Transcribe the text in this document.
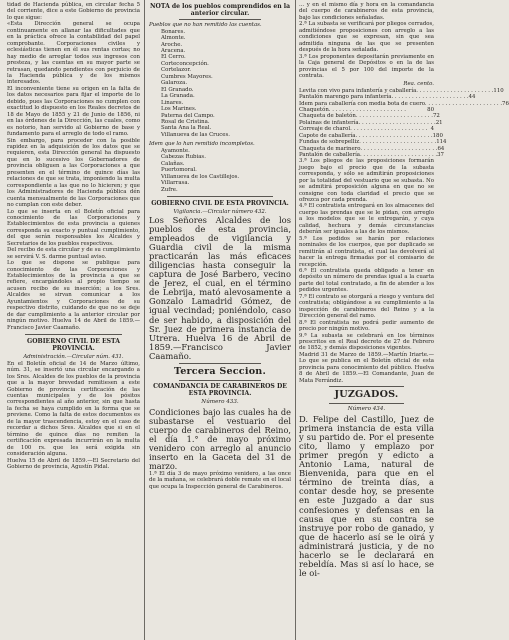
tidad de Hacienda pública, en circular fecha 5 del corriente, dice a este Gobierno de provincia lo que sigue:

«Esta Dirección general se ocupa continuamente en allanar las dificultades que en la práctica ofrece la contabilidad del papel comprobante. Corporaciones civiles y eclesiásticas tienen en él sus rentas cortas; no hay medio de arreglar todos sus ingresos con presteza, y las cuentas en su mayor parte se retrasan, quedando pendientes con perjuicio de la Hacienda pública y de los mismos interesados.

El inconveniente tiene su origen en la falta de los datos necesarios para fijar el importe de lo debido, pues las Corporaciones no cumplen con exactitud lo dispuesto en los Reales decretos de 18 de Mayo de 1855 y 21 de Junio de 1856, ni en las órdenes de la Dirección, las cuales, como es notorio, han servido al Gobierno de base y fundamento para el arreglo de todo el ramo.

Sin embargo, para proceder con la posible rapidez en la adquisición de los datos que se requieren, esta Dirección general ha dispuesto que en lo sucesivo los Gobernadores de provincia obliguen a las Corporaciones a que presenten en el término de quince días las relaciones de que se trata, imponiendo la multa correspondiente a las que no lo hicieren; y que los Administradores de Hacienda pública dén cuenta mensualmente de las Corporaciones que no cumplan con este deber.

Lo que se inserta en el Boletín oficial para conocimiento de las Corporaciones y Establecimientos de esta provincia a quienes corresponda su exacto y puntual cumplimiento, del que serán responsables los Alcaldes y Secretarios de los pueblos respectivos.

Del recibo de esta circular y de su cumplimiento se servirá V. S. darme puntual aviso.

Lo que se dispone se publique para conocimiento de las Corporaciones y Establecimientos de la provincia a que se refiere, encargándoles al propio tiempo se acusen recibo de su inserción; a los Sres. Alcaldes se sirvan comunicar a los Ayuntamientos y Corporaciones de su respectivo distrito, cuidando de que no se deje de dar cumplimiento a la anterior circular por ningún motivo. Huelva 14 de Abril de 1859.—Francisco Javier Caamaño.

GOBIERNO CIVIL DE ESTA PROVINCIA.

Administración.—Circular núm. 431.

En el Boletín oficial de 14 de Marzo último, núm. 31, se insertó una circular encargando a los Sres. Alcaldes de los pueblos de la provincia que a la mayor brevedad remitiesen a este Gobierno de provincia certificación de las cuentas municipales y de los pósitos correspondientes al año anterior, sin que hasta la fecha se haya cumplido en la forma que se previene. Como la falta de estos documentos es de la mayor trascendencia, estoy en el caso de recordar a dichos Sres. Alcaldes que si en el término de quince días no remiten la certificación expresada incurrirán en la multa de 100 rs. que les será exigida sin consideración alguna.

Huelva 15 de Abril de 1859.—El Secretario del Gobierno de provincia, Agustín Pidal.

NOTA de los pueblos comprendidos en la anterior circular.

Pueblos que no han remitido las cuentas.

Bonares.
Almonte.
Aroche.
Aracena.
El Cerro.
Corteconcepción.
Cortelazor.
Cumbres Mayores.
Galaroza.
El Granado.
La Granada.
Linares.
Los Marines.
Paterna del Campo.
Rosal de Cristina.
Santa Ana la Real.
Villanueva de las Cruces.

Idem que lo han remitido incompletos.

Ayamonte.
Cabezas Rubias.
Calañas.
Puertomoral.
Villanueva de los Castillejos.
Villarrasa.
Zufre.
GOBIERNO CIVIL DE ESTA PROVINCIA.

Vigilancia.—Circular número 432.

Los Señores Alcaldes de los pueblos de esta provincia, empleados de vigilancia y Guardia civil de la misma practicarán las más eficaces diligencias hasta conseguir la captura de José Barbero, vecino de Jerez, el cual, en el término de Lebrija, mató alevosamente a Gonzalo Lamadrid Gómez, de igual vecindad; poniéndolo, caso de ser habido, a disposición del Sr. Juez de primera instancia de Utrera. Huelva 16 de Abril de 1859.—Francisco Javier Caamaño.

Tercera Seccion.
COMANDANCIA DE CARABINEROS DE ESTA PROVINCIA.

Número 433.

Condiciones bajo las cuales ha de subastarse el vestuario del cuerpo de carabineros del Reino, el día 1.° de mayo próximo venidero con arreglo al anuncio inserto en la Gaceta del 31 de marzo.

1.ª El día 3 de mayo próximo venidero, a las once de la mañana, se celebrará doble remate en el local que ocupa la Inspección general de Carabineros.

... y en el mismo día y hora en la comandancia del cuerpo de carabineros de esta provincia, bajo las condiciones señaladas.

2.ª La subasta se verificará por pliegos cerrados, admitiéndose proposiciones con arreglo a las condiciones que se expresan, sin que sea admitida ninguna de las que se presenten después de la hora señalada.

3.ª Los proponentes depositarán previamente en la Caja general de Depósitos o en la de las provincias el 5 por 100 del importe de la contrata.

Rea. cento.
Levita con vivo para infantería y caballería. . . . . . . . . . . . . . . . . . . . . . . 110
Pantalón marengo para infantería. . . . . . . . . . . . . . . . . . . . . . . 44
Idem para caballería con media bota de cuero. . . . . . . . . . . . . . . . . . . . . . . 76
Chaquetón. . . . . . . . . . . . . . . . . . . . . . .	80
Chaqueta de baletón. . . . . . . . . . . . . . . . . . . . . . . 72
Polainas de infantería. . . . . . . . . . . . . . . . . . . . . . . 21
Correaje de charol. . . . . . . . . . . . . . . . . . . . . . . 4
Capote de caballería. . . . . . . . . . . . . . . . . . . . . . . 180
Fundas de sobrepelliz. . . . . . . . . . . . . . . . . . . . . . . 114
Chaqueta de marinero. . . . . . . . . . . . . . . . . . . . . . . 64
Pantalón de caballería. . . . . . . . . . . . . . . . . . . . . . . 37

3.ª Los pliegos de las proposiciones formarán juego bajo el precio que de la subasta corresponda, y sólo se admitirán proposiciones por la totalidad del vestuario que se subasta. No se admitirá proposición alguna en que no se consigne con toda claridad el precio que se ofrezca por cada prenda.

4.ª El contratista entregará en los almacenes del cuerpo las prendas que se le pidan, con arreglo a los modelos que se le entregarán, y cuya calidad, hechura y demás circunstancias deberán ser iguales a las de los mismos.

5.ª Los pedidos se harán por relaciones nominales de los cuerpos, que por duplicado se remitirán al contratista, el cual las devolverá al hacer la entrega firmadas por el comisario de recepción.

6.ª El contratista queda obligado a tener en depósito un número de prendas igual a la cuarta parte del total contratado, a fin de atender a los pedidos urgentes.

7.ª El contrato se otorgará a riesgo y ventura del contratista; obligándose a su cumplimiento a la inspección de carabineros del Reino y a la Dirección general del ramo.

8.ª El contratista no podrá pedir aumento de precio por ningún motivo.

9.ª La subasta se celebrará en los términos prescritos en el Real decreto de 27 de Febrero de 1852, y demás disposiciones vigentes.

Madrid 31 de Marzo de 1859.—Martín Iriarte.—Lo que se publica en el Boletín oficial de esta provincia para conocimiento del público. Huelva 8 de Abril de 1859.—El Comandante, Juan de Mata Ferrándiz.

JUZGADOS.

Número 434.

D. Felipe del Castillo, Juez de primera instancia de esta villa y su partido de. Por el presente cito, llamo y emplazo por primer pregón y edicto a Antonio Lama, natural de Bienvenida, para que en el término de treinta días, a contar desde hoy, se presente en este Juzgado a dar sus confesiones y defensas en la causa que en su contra se instruye por robo de ganado, y que de hacerlo así se le oirá y administrará justicia, y de no hacerlo se le declarará en rebeldía. Mas si así lo hace, se le oi-
